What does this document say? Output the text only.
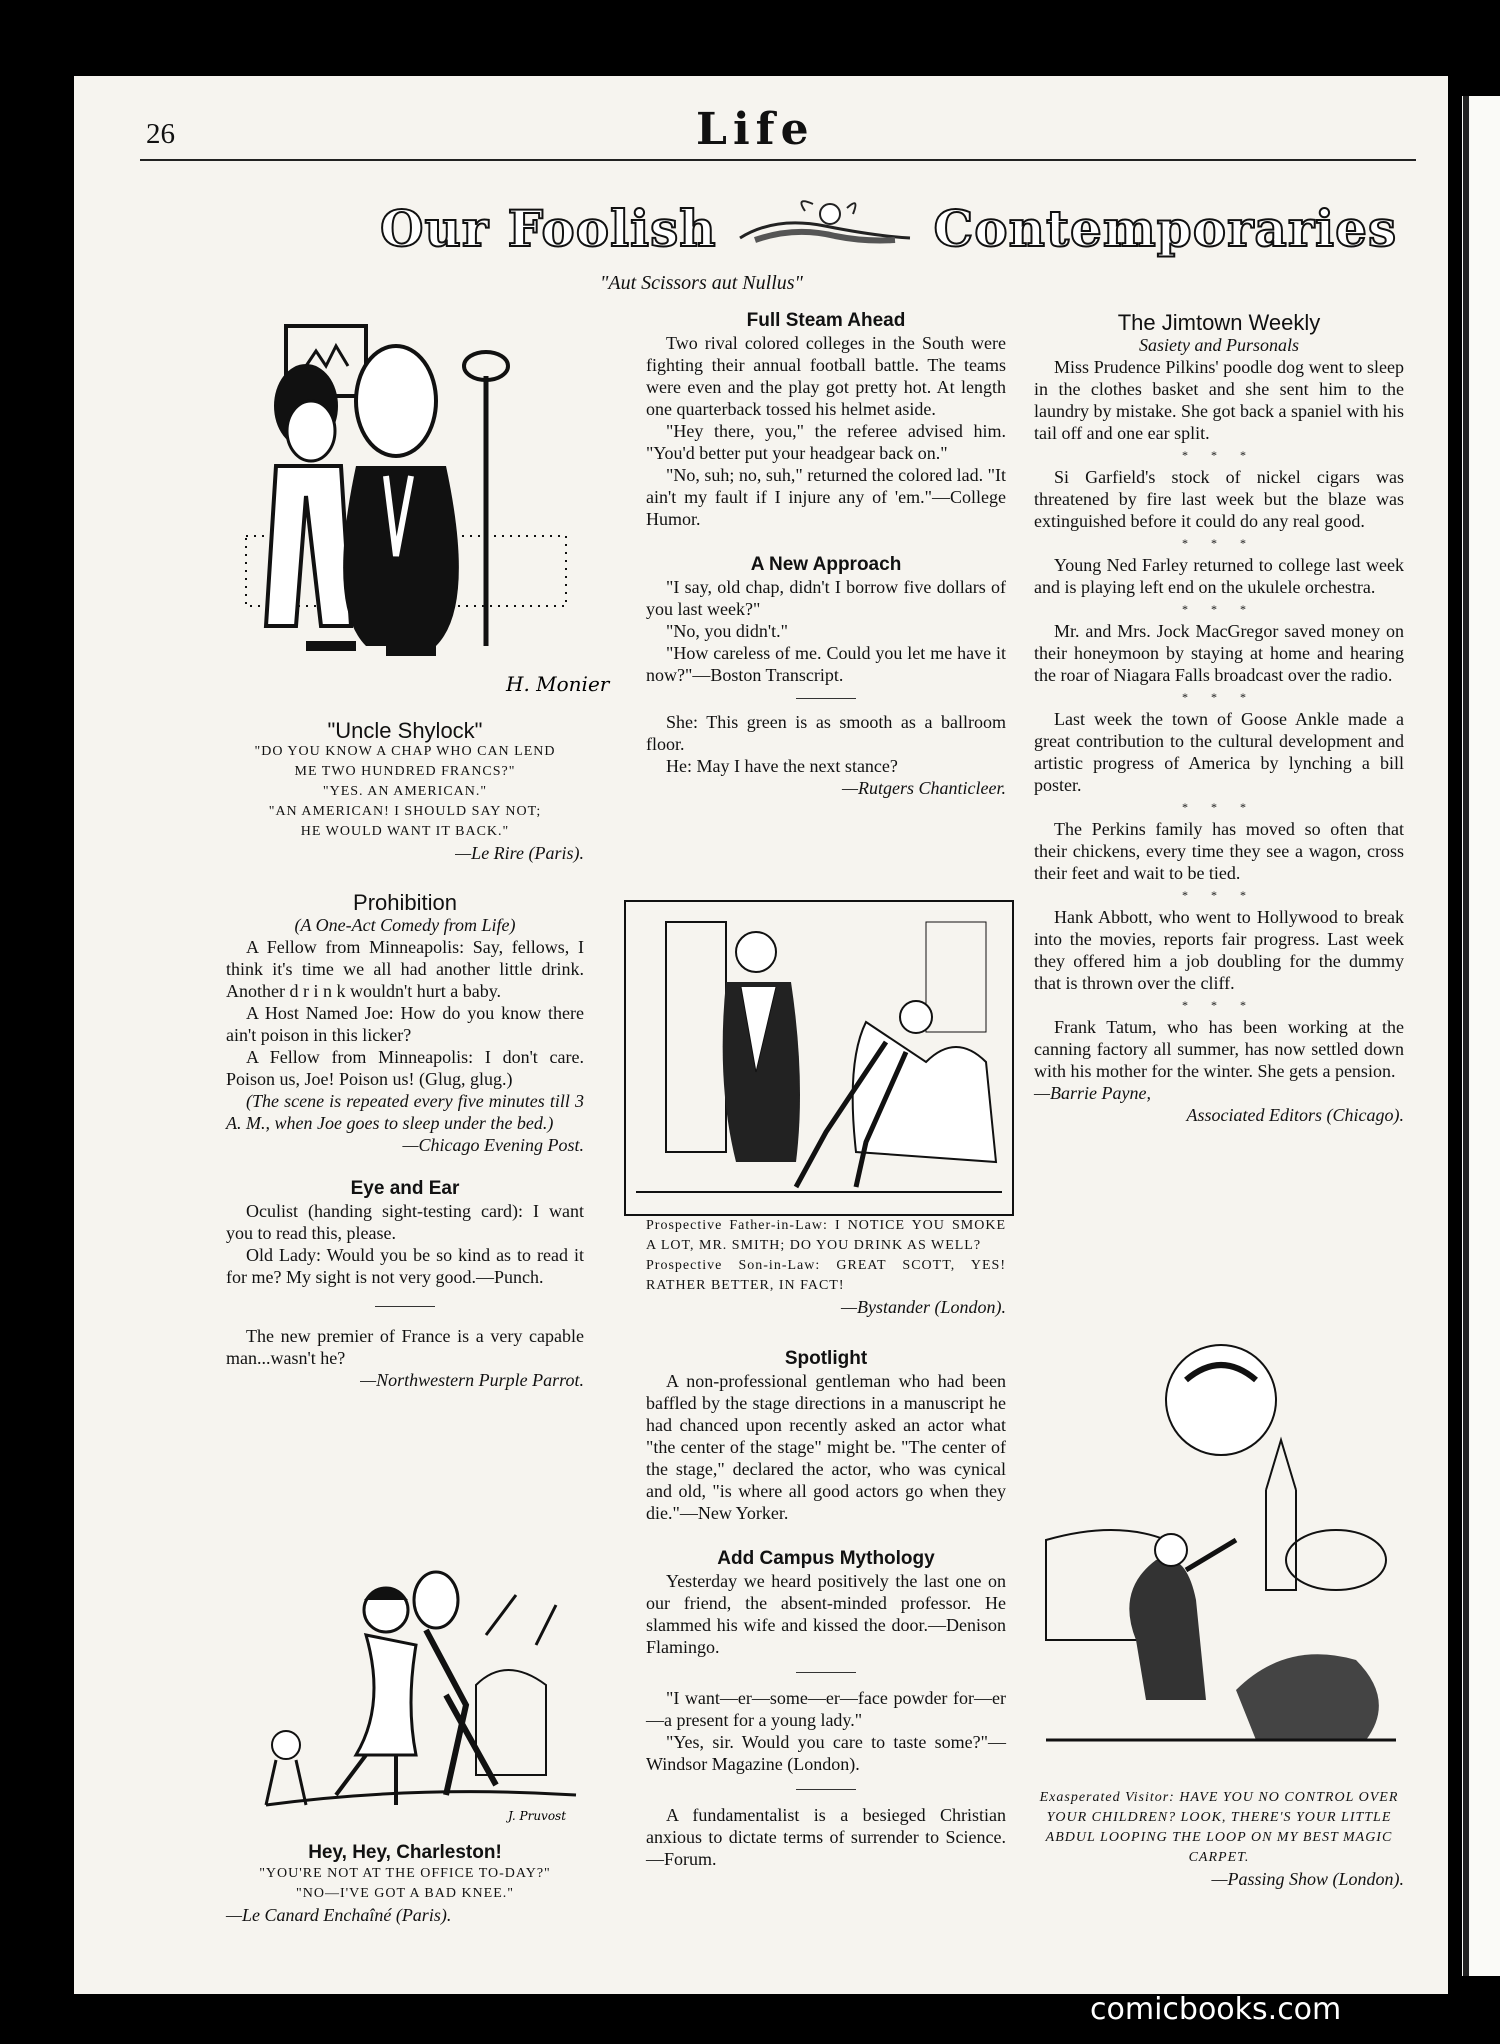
26	Life
Our Foolish	Contemporaries
"Aut Scissors aut Nullus"
H. Monier
"Uncle Shylock"
"DO YOU KNOW A CHAP WHO CAN LEND
ME TWO HUNDRED FRANCS?"
"YES. AN AMERICAN."
"AN AMERICAN! I SHOULD SAY NOT;
HE WOULD WANT IT BACK."
—Le Rire (Paris).
Prohibition
(A One-Act Comedy from Life)
A Fellow from Minneapolis: Say, fellows, I think it's time we all had another little drink. Another d r i n k wouldn't hurt a baby.
A Host Named Joe: How do you know there ain't poison in this licker?
A Fellow from Minneapolis: I don't care. Poison us, Joe! Poison us! (Glug, glug.)
(The scene is repeated every five minutes till 3 A. M., when Joe goes to sleep under the bed.)
—Chicago Evening Post.
Eye and Ear
Oculist (handing sight-testing card): I want you to read this, please.
Old Lady: Would you be so kind as to read it for me? My sight is not very good.—Punch.
The new premier of France is a very capable man...wasn't he?
—Northwestern Purple Parrot.
J. Pruvost
Hey, Hey, Charleston!
"YOU'RE NOT AT THE OFFICE TO-DAY?"
"NO—I'VE GOT A BAD KNEE."
—Le Canard Enchaîné (Paris).
Full Steam Ahead
Two rival colored colleges in the South were fighting their annual football battle. The teams were even and the play got pretty hot. At length one quarterback tossed his helmet aside.
"Hey there, you," the referee advised him. "You'd better put your headgear back on."
"No, suh; no, suh," returned the colored lad. "It ain't my fault if I injure any of 'em."—College Humor.
A New Approach
"I say, old chap, didn't I borrow five dollars of you last week?"
"No, you didn't."
"How careless of me. Could you let me have it now?"—Boston Transcript.
She: This green is as smooth as a ballroom floor.
He: May I have the next stance?
—Rutgers Chanticleer.
Prospective Father-in-Law: I NOTICE YOU SMOKE A LOT, MR. SMITH; DO YOU DRINK AS WELL?
Prospective Son-in-Law: GREAT SCOTT, YES! RATHER BETTER, IN FACT!
—Bystander (London).
Spotlight
A non-professional gentleman who had been baffled by the stage directions in a manuscript he had chanced upon recently asked an actor what "the center of the stage" might be. "The center of the stage," declared the actor, who was cynical and old, "is where all good actors go when they die."—New Yorker.
Add Campus Mythology
Yesterday we heard positively the last one on our friend, the absent-minded professor. He slammed his wife and kissed the door.—Denison Flamingo.
"I want—er—some—er—face powder for—er—a present for a young lady."
"Yes, sir. Would you care to taste some?"—Windsor Magazine (London).
A fundamentalist is a besieged Christian anxious to dictate terms of surrender to Science.—Forum.
The Jimtown Weekly
Sasiety and Pursonals
Miss Prudence Pilkins' poodle dog went to sleep in the clothes basket and she sent him to the laundry by mistake. She got back a spaniel with his tail off and one ear split.
* * *
Si Garfield's stock of nickel cigars was threatened by fire last week but the blaze was extinguished before it could do any real good.
* * *
Young Ned Farley returned to college last week and is playing left end on the ukulele orchestra.
* * *
Mr. and Mrs. Jock MacGregor saved money on their honeymoon by staying at home and hearing the roar of Niagara Falls broadcast over the radio.
* * *
Last week the town of Goose Ankle made a great contribution to the cultural development and artistic progress of America by lynching a bill poster.
* * *
The Perkins family has moved so often that their chickens, every time they see a wagon, cross their feet and wait to be tied.
* * *
Hank Abbott, who went to Hollywood to break into the movies, reports fair progress. Last week they offered him a job doubling for the dummy that is thrown over the cliff.
* * *
Frank Tatum, who has been working at the canning factory all summer, has now settled down with his mother for the winter. She gets a pension.
—Barrie Payne,
Associated Editors (Chicago).
Exasperated Visitor: HAVE YOU NO CONTROL OVER YOUR CHILDREN? LOOK, THERE'S YOUR LITTLE ABDUL LOOPING THE LOOP ON MY BEST MAGIC CARPET.
—Passing Show (London).
comicbooks.com
